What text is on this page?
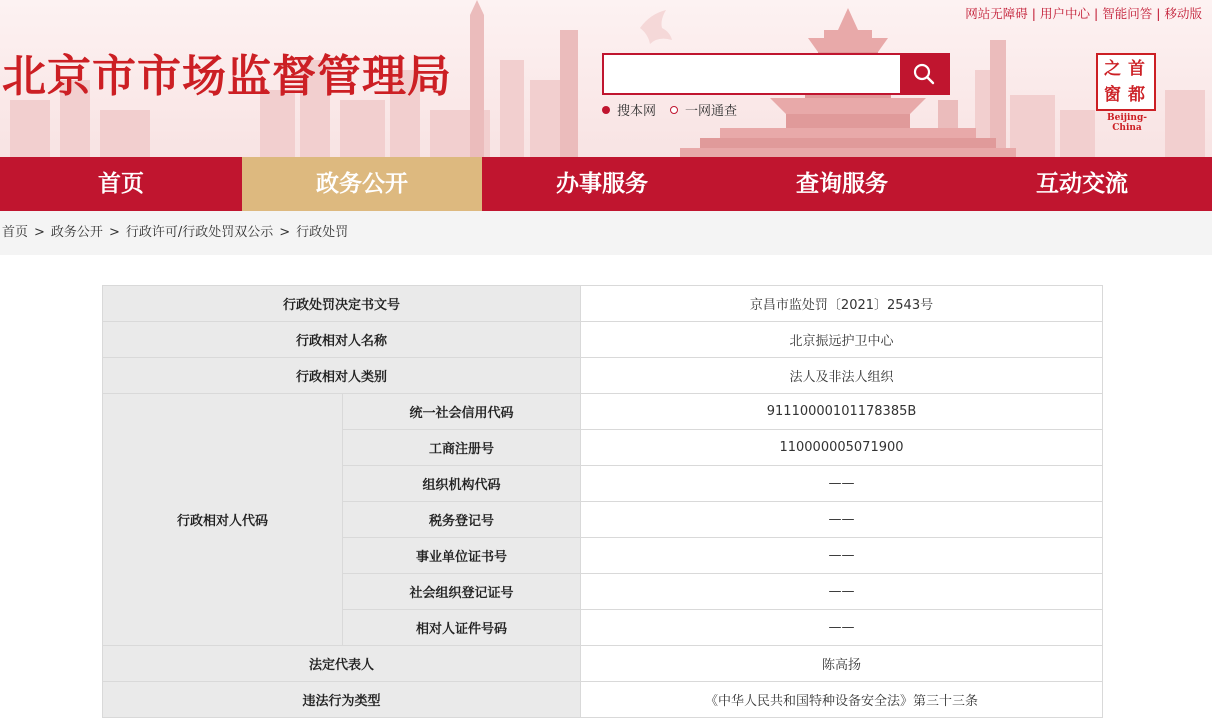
网站无障碍 | 用户中心 | 智能问答 | 移动版
北京市市场监督管理局
搜本网 一网通查
首
都
之
窗
Beijing-China
首页	政务公开	办事服务	查询服务	互动交流
首页 > 政务公开 > 行政许可/行政处罚双公示 > 行政处罚
行政处罚决定书文号		京昌市监处罚〔2021〕2543号
行政相对人名称		北京振远护卫中心
行政相对人类别		法人及非法人组织
行政相对人代码	统一社会信用代码	91110000101178385B
	工商注册号	110000005071900
	组织机构代码	——
	税务登记号	——
	事业单位证书号	——
	社会组织登记证号	——
	相对人证件号码	——
法定代表人		陈高扬
违法行为类型		《中华人民共和国特种设备安全法》第三十三条
